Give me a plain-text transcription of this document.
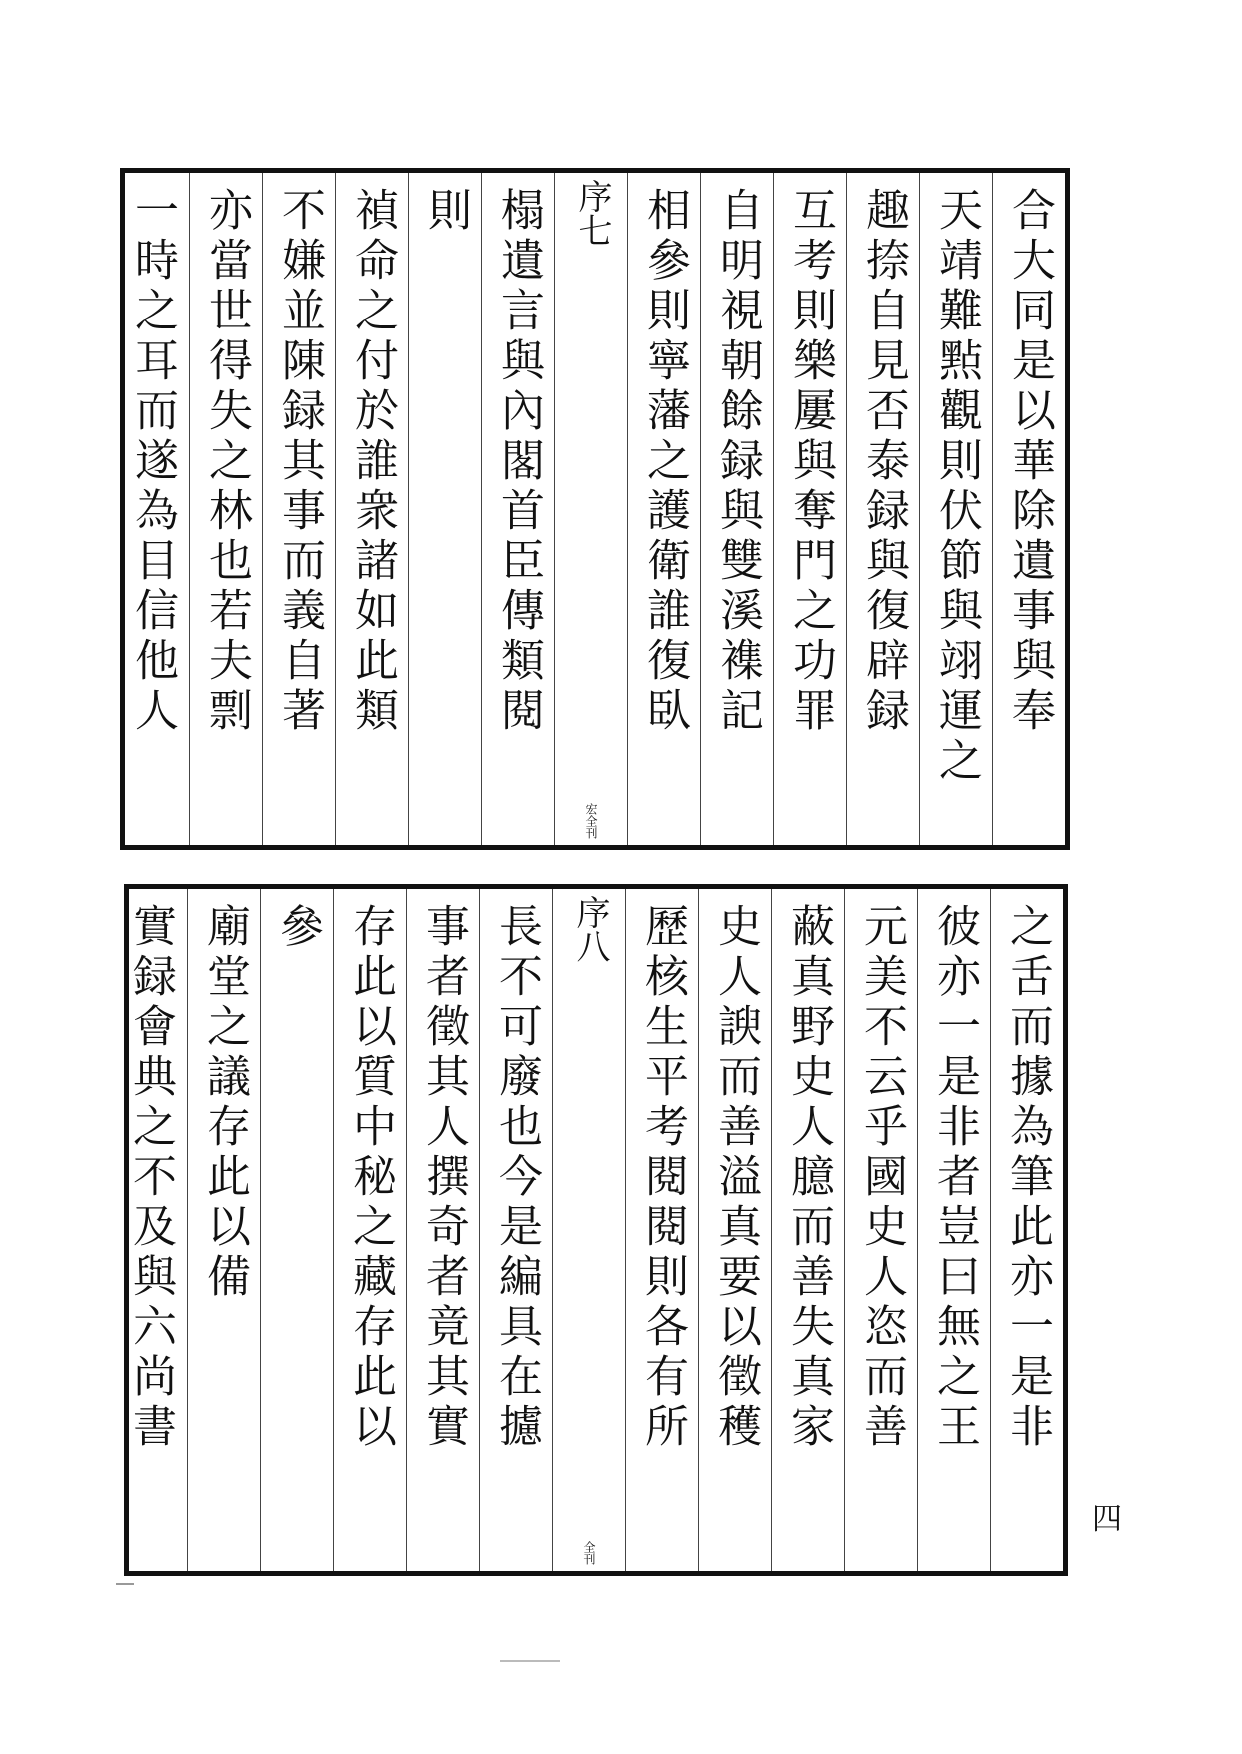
合大同是以華除遺事與奉
天靖難㸃觀則伏節與翊運之
趣捺自見否泰録與復辟録
互考則樂屢與奪門之功罪
自明視朝餘録與雙溪襍記
相參則寧藩之護衛誰復臥
序七
宏全刊
榻遺言與內閣首臣傳類閱
則
禎命之付於誰衆諸如此類
不嫌並陳録其事而義自著
亦當世得失之林也若夫剽
一時之耳而遂為目信他人
之舌而據為筆此亦一是非
彼亦一是非者豈曰無之王
元美不云乎國史人恣而善
蔽真野史人臆而善失真家
史人諛而善溢真要以徵穫
歷核生平考閱閱則各有所
序八
全刊
長不可廢也今是編具在攄
事者徵其人撰奇者竟其實
存此以質中秘之藏存此以
參
廟堂之議存此以備
實録會典之不及與六尚書
四
